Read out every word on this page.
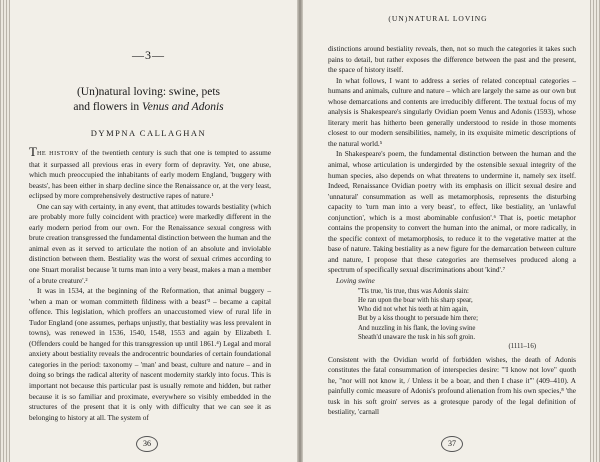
—3—
(Un)natural loving: swine, pets
and flowers in Venus and Adonis
DYMPNA CALLAGHAN

THE HISTORY of the twentieth century is such that one is tempted to assume that it surpassed all previous eras in every form of depravity. Yet, one abuse, which much preoccupied the inhabitants of early modern England, 'buggery with beasts', has been either in sharp decline since the Renaissance or, at the very least, eclipsed by more comprehensively destructive rapes of nature.¹

One can say with certainty, in any event, that attitudes towards bestiality (which are probably more fully coincident with practice) were markedly different in the early modern period from our own. For the Renaissance sexual congress with brute creation transgressed the fundamental distinction between the human and the animal even as it served to articulate the notion of an absolute and inviolable distinction between them. Bestiality was the worst of sexual crimes according to one Stuart moralist because 'it turns man into a very beast, makes a man a member of a brute creature'.²

It was in 1534, at the beginning of the Reformation, that animal buggery – 'when a man or woman committeth fildiness with a beast'³ – became a capital offence. This legislation, which proffers an unaccustomed view of rural life in Tudor England (one assumes, perhaps unjustly, that bestiality was less prevalent in towns), was renewed in 1536, 1540, 1548, 1553 and again by Elizabeth I. (Offenders could be hanged for this transgression up until 1861.⁴) Legal and moral anxiety about bestiality reveals the androcentric boundaries of certain foundational categories in the period: taxonomy – 'man' and beast, culture and nature – and in doing so brings the radical alterity of nascent modernity starkly into focus. This is important not because this particular past is usually remote and hidden, but rather because it is so familiar and proximate, everywhere so visibly embedded in the structures of the present that it is only with difficulty that we can see it as belonging to history at all. The system of

36
(UN)NATURAL LOVING

distinctions around bestiality reveals, then, not so much the categories it takes such pains to detail, but rather exposes the difference between the past and the present, the space of history itself.

In what follows, I want to address a series of related conceptual categories – humans and animals, culture and nature – which are largely the same as our own but whose demarcations and contents are irreducibly different. The textual focus of my analysis is Shakespeare's singularly Ovidian poem Venus and Adonis (1593), whose literary merit has hitherto been generally understood to reside in those moments closest to our modern sensibilities, namely, in its exquisite mimetic descriptions of the natural world.⁵

In Shakespeare's poem, the fundamental distinction between the human and the animal, whose articulation is undergirded by the ostensible sexual integrity of the human species, also depends on what threatens to undermine it, namely sex itself. Indeed, Renaissance Ovidian poetry with its emphasis on illicit sexual desire and 'unnatural' consummation as well as metamorphosis, represents the disturbing capacity to 'turn man into a very beast', to effect, like bestiality, an 'unlawful conjunction', which is a most abominable confusion'.⁶ That is, poetic metaphor contains the propensity to convert the human into the animal, or more radically, in the specific context of metamorphosis, to reduce it to the vegetative matter at the base of nature. Taking bestiality as a new figure for the demarcation between culture and nature, I propose that these categories are themselves produced along a spectrum of specifically sexual discriminations about 'kind'.⁷

Loving swine

''Tis true, 'tis true, thus was Adonis slain:
He ran upon the boar with his sharp spear,
Who did not whet his teeth at him again,
But by a kiss thought to persuade him there;
And nuzzling in his flank, the loving swine
Sheath'd unaware the tusk in his soft groin.
(1111–16)

Consistent with the Ovidian world of forbidden wishes, the death of Adonis constitutes the fatal consummation of interspecies desire: '"I know not love" quoth he, "nor will not know it, / Unless it be a boar, and then I chase it"' (409–410). A painfully comic measure of Adonis's profound alienation from his own species,⁸ 'the tusk in his soft groin' serves as a grotesque parody of the legal definition of bestiality, 'carnall

37
